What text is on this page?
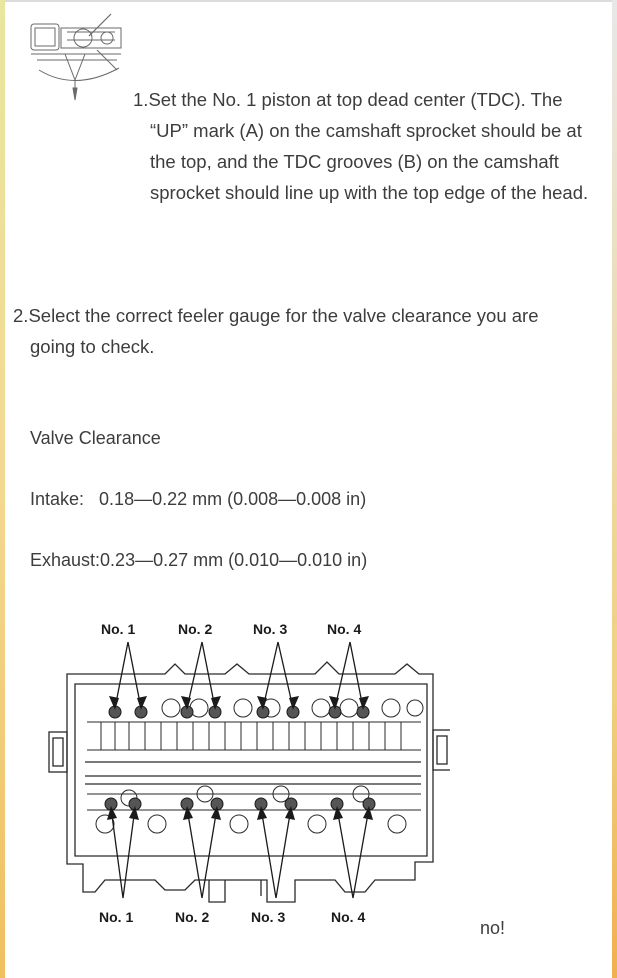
1.Set the No. 1 piston at top dead center (TDC). The
“UP” mark (A) on the camshaft sprocket should be at the top, and the TDC grooves (B) on the camshaft sprocket should line up with the top edge of the head.

2.Select the correct feeler gauge for the valve clearance you are
going to check.

Valve Clearance

Intake:   0.18—0.22 mm (0.008—0.008 in)

Exhaust:0.23—0.27 mm (0.010—0.010 in)

No. 1	No. 2	No. 3	No. 4
No. 1	No. 2	No. 3	No. 4
no!
